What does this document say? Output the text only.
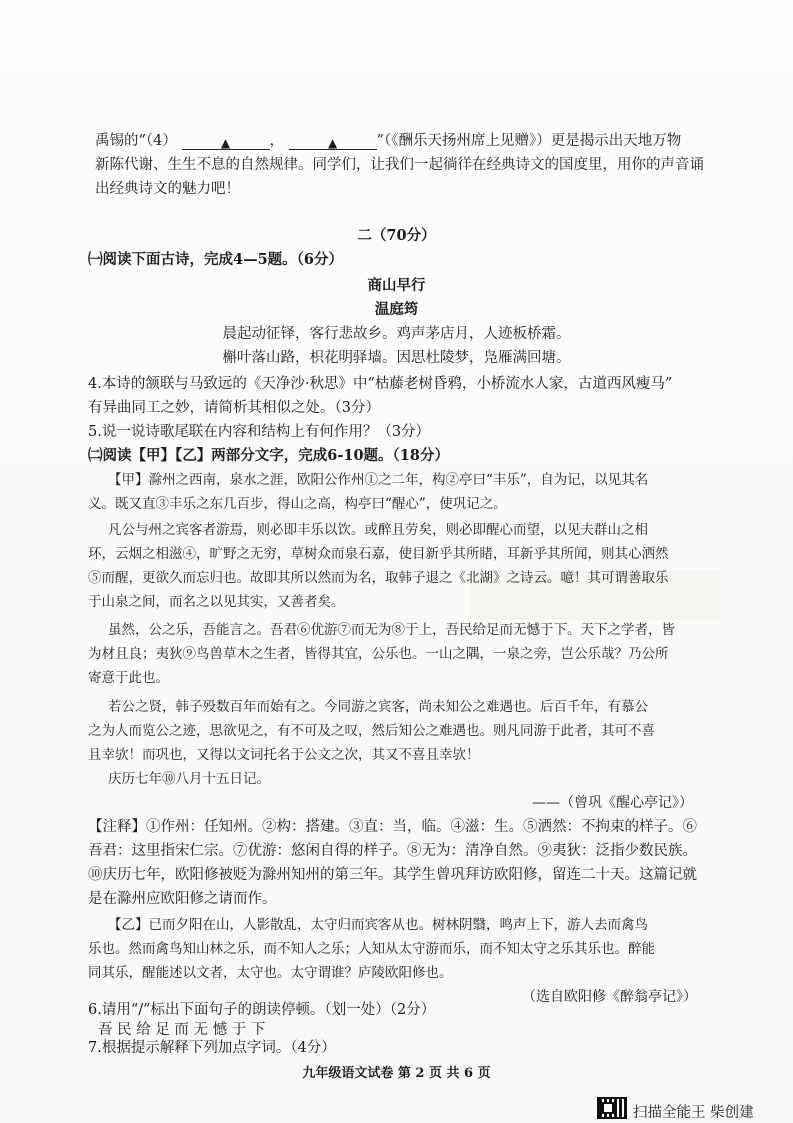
禹锡的“（4）	▲	，	▲	”（《酬乐天扬州席上见赠》）更是揭示出天地万物
新陈代谢、生生不息的自然规律。同学们，让我们一起徜徉在经典诗文的国度里，用你的声音诵
出经典诗文的魅力吧！
二（70分）
㈠阅读下面古诗，完成4—5题。（6分）
商山早行
温庭筠
晨起动征铎，客行悲故乡。鸡声茅店月，人迹板桥霜。
槲叶落山路，枳花明驿墙。因思杜陵梦，凫雁满回塘。
4.本诗的颔联与马致远的《天净沙·秋思》中“枯藤老树昏鸦，小桥流水人家，古道西风瘦马”
有异曲同工之妙，请简析其相似之处。（3分）
5.说一说诗歌尾联在内容和结构上有何作用？（3分）
㈡阅读【甲】【乙】两部分文字，完成6-10题。（18分）
【甲】滁州之西南，泉水之涯，欧阳公作州①之二年，构②亭曰“丰乐”，自为记，以见其名
义。既又直③丰乐之东几百步，得山之高，构亭曰“醒心”，使巩记之。
凡公与州之宾客者游焉，则必即丰乐以饮。或醉且劳矣，则必即醒心而望，以见夫群山之相
环，云烟之相滋④，旷野之无穷，草树众而泉石嘉，使目新乎其所睹，耳新乎其所闻，则其心洒然
⑤而醒，更欲久而忘归也。故即其所以然而为名，取韩子退之《北湖》之诗云。噫！其可谓善取乐
于山泉之间，而名之以见其实，又善者矣。
虽然，公之乐，吾能言之。吾君⑥优游⑦而无为⑧于上，吾民给足而无憾于下。天下之学者，皆
为材且良；夷狄⑨鸟兽草木之生者，皆得其宜，公乐也。一山之隅，一泉之旁，岂公乐哉？乃公所
寄意于此也。
若公之贤，韩子殁数百年而始有之。今同游之宾客，尚未知公之难遇也。后百千年，有慕公
之为人而览公之迹，思欲见之，有不可及之叹，然后知公之难遇也。则凡同游于此者，其可不喜
且幸欤！而巩也，又得以文词托名于公文之次，其又不喜且幸欤！
庆历七年⑩八月十五日记。
——（曾巩《醒心亭记》）
【注释】①作州：任知州。②构：搭建。③直：当，临。④滋：生。⑤洒然：不拘束的样子。⑥
吾君：这里指宋仁宗。⑦优游：悠闲自得的样子。⑧无为：清净自然。⑨夷狄：泛指少数民族。
⑩庆历七年，欧阳修被贬为滁州知州的第三年。其学生曾巩拜访欧阳修，留连二十天。这篇记就
是在滁州应欧阳修之请而作。
【乙】已而夕阳在山，人影散乱，太守归而宾客从也。树林阴翳，鸣声上下，游人去而禽鸟
乐也。然而禽鸟知山林之乐，而不知人之乐；人知从太守游而乐，而不知太守之乐其乐也。醉能
同其乐，醒能述以文者，太守也。太守谓谁？庐陵欧阳修也。
（选自欧阳修《醉翁亭记》）
6.请用“/”标出下面句子的朗读停顿。（划一处）（2分）
吾 民 给 足 而 无 憾 于 下
九年级语文试卷 第 2 页 共 6 页
扫描全能王 柴创建
7.根据提示解释下列加点字词。（4分）
